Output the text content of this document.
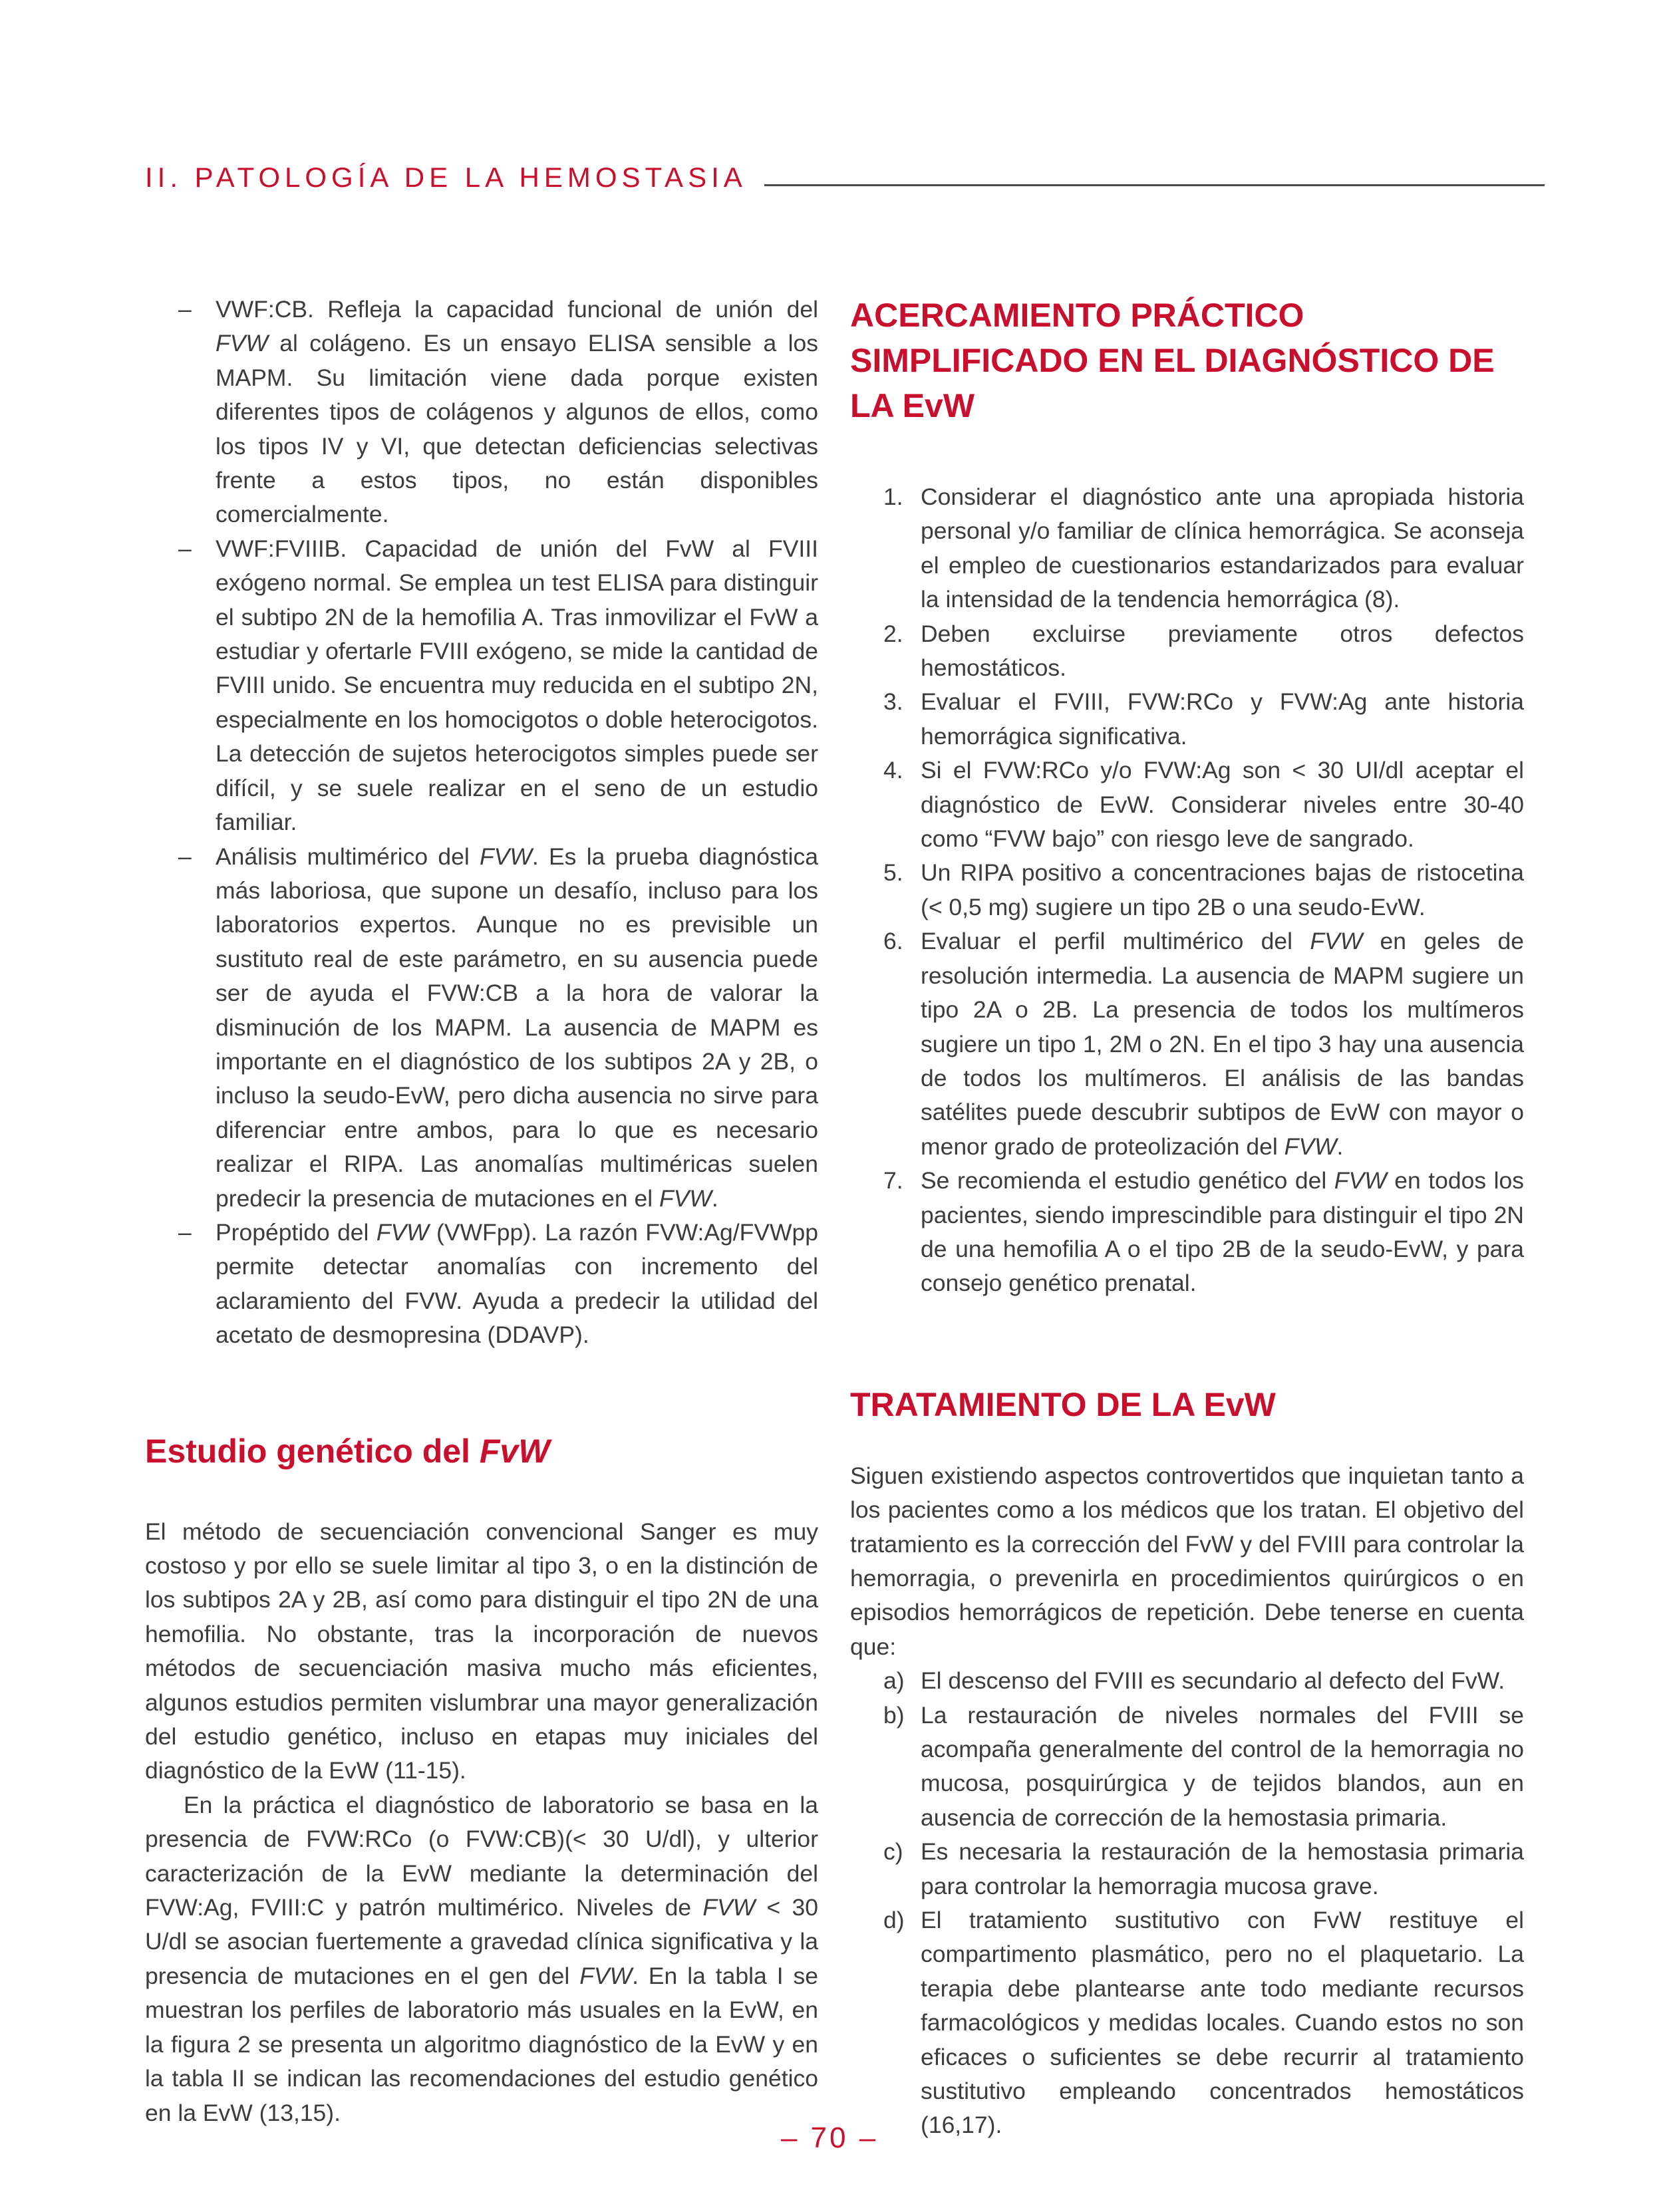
II. PATOLOGÍA DE LA HEMOSTASIA
– VWF:CB. Refleja la capacidad funcional de unión del FVW al colágeno. Es un ensayo ELISA sensible a los MAPM. Su limitación viene dada porque existen diferentes tipos de colágenos y algunos de ellos, como los tipos IV y VI, que detectan deficiencias selectivas frente a estos tipos, no están disponibles comercialmente.
– VWF:FVIIIB. Capacidad de unión del FvW al FVIII exógeno normal. Se emplea un test ELISA para distinguir el subtipo 2N de la hemofilia A. Tras inmovilizar el FvW a estudiar y ofertarle FVIII exógeno, se mide la cantidad de FVIII unido. Se encuentra muy reducida en el subtipo 2N, especialmente en los homocigotos o doble heterocigotos. La detección de sujetos heterocigotos simples puede ser difícil, y se suele realizar en el seno de un estudio familiar.
– Análisis multimérico del FVW. Es la prueba diagnóstica más laboriosa, que supone un desafío, incluso para los laboratorios expertos. Aunque no es previsible un sustituto real de este parámetro, en su ausencia puede ser de ayuda el FVW:CB a la hora de valorar la disminución de los MAPM. La ausencia de MAPM es importante en el diagnóstico de los subtipos 2A y 2B, o incluso la seudo-EvW, pero dicha ausencia no sirve para diferenciar entre ambos, para lo que es necesario realizar el RIPA. Las anomalías multiméricas suelen predecir la presencia de mutaciones en el FVW.
– Propéptido del FVW (VWFpp). La razón FVW:Ag/FVWpp permite detectar anomalías con incremento del aclaramiento del FVW. Ayuda a predecir la utilidad del acetato de desmopresina (DDAVP).
Estudio genético del FvW

El método de secuenciación convencional Sanger es muy costoso y por ello se suele limitar al tipo 3, o en la distinción de los subtipos 2A y 2B, así como para distinguir el tipo 2N de una hemofilia. No obstante, tras la incorporación de nuevos métodos de secuenciación masiva mucho más eficientes, algunos estudios permiten vislumbrar una mayor generalización del estudio genético, incluso en etapas muy iniciales del diagnóstico de la EvW (11-15).

En la práctica el diagnóstico de laboratorio se basa en la presencia de FVW:RCo (o FVW:CB)(< 30 U/dl), y ulterior caracterización de la EvW mediante la determinación del FVW:Ag, FVIII:C y patrón multimérico. Niveles de FVW < 30 U/dl se asocian fuertemente a gravedad clínica significativa y la presencia de mutaciones en el gen del FVW. En la tabla I se muestran los perfiles de laboratorio más usuales en la EvW, en la figura 2 se presenta un algoritmo diagnóstico de la EvW y en la tabla II se indican las recomendaciones del estudio genético en la EvW (13,15).

ACERCAMIENTO PRÁCTICO SIMPLIFICADO EN EL DIAGNÓSTICO DE LA EvW
1. Considerar el diagnóstico ante una apropiada historia personal y/o familiar de clínica hemorrágica. Se aconseja el empleo de cuestionarios estandarizados para evaluar la intensidad de la tendencia hemorrágica (8).
2. Deben excluirse previamente otros defectos hemostáticos.
3. Evaluar el FVIII, FVW:RCo y FVW:Ag ante historia hemorrágica significativa.
4. Si el FVW:RCo y/o FVW:Ag son < 30 UI/dl aceptar el diagnóstico de EvW. Considerar niveles entre 30-40 como “FVW bajo” con riesgo leve de sangrado.
5. Un RIPA positivo a concentraciones bajas de ristocetina (< 0,5 mg) sugiere un tipo 2B o una seudo-EvW.
6. Evaluar el perfil multimérico del FVW en geles de resolución intermedia. La ausencia de MAPM sugiere un tipo 2A o 2B. La presencia de todos los multímeros sugiere un tipo 1, 2M o 2N. En el tipo 3 hay una ausencia de todos los multímeros. El análisis de las bandas satélites puede descubrir subtipos de EvW con mayor o menor grado de proteolización del FVW.
7. Se recomienda el estudio genético del FVW en todos los pacientes, siendo imprescindible para distinguir el tipo 2N de una hemofilia A o el tipo 2B de la seudo-EvW, y para consejo genético prenatal.
TRATAMIENTO DE LA EvW

Siguen existiendo aspectos controvertidos que inquietan tanto a los pacientes como a los médicos que los tratan. El objetivo del tratamiento es la corrección del FvW y del FVIII para controlar la hemorragia, o prevenirla en procedimientos quirúrgicos o en episodios hemorrágicos de repetición. Debe tenerse en cuenta que:

a) El descenso del FVIII es secundario al defecto del FvW.
b) La restauración de niveles normales del FVIII se acompaña generalmente del control de la hemorragia no mucosa, posquirúrgica y de tejidos blandos, aun en ausencia de corrección de la hemostasia primaria.
c) Es necesaria la restauración de la hemostasia primaria para controlar la hemorragia mucosa grave.
d) El tratamiento sustitutivo con FvW restituye el compartimento plasmático, pero no el plaquetario. La terapia debe plantearse ante todo mediante recursos farmacológicos y medidas locales. Cuando estos no son eficaces o suficientes se debe recurrir al tratamiento sustitutivo empleando concentrados hemostáticos (16,17).
– 70 –
